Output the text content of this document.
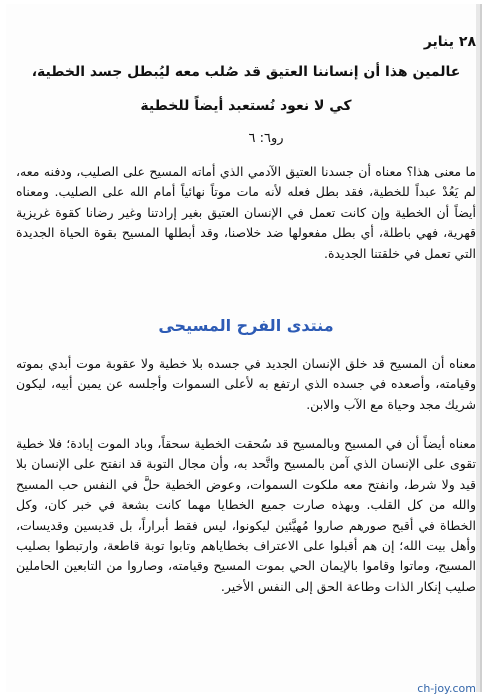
٢٨ يناير
عالمين هذا أن إنساننا العتيق قد صُلب معه ليُبطل جسد الخطية،
كي لا نعود نُستعبد أيضاً للخطية
رو٦: ٦

ما معنى هذا؟ معناه أن جسدنا العتيق الآدمي الذي أماته المسيح على الصليب، ودفنه معه، لم يَعُدْ عبداً للخطية، فقد بطل فعله لأنه مات موتاً نهائياً أمام الله على الصليب. ومعناه أيضاً أن الخطية وإن كانت تعمل في الإنسان العتيق بغير إرادتنا وغير رضانا كقوة غريزية قهرية، فهي باطلة، أي بطل مفعولها ضد خلاصنا، وقد أبطلها المسيح بقوة الحياة الجديدة التي تعمل في خلقتنا الجديدة.

منتدى الفرح المسيحى

معناه أن المسيح قد خلق الإنسان الجديد في جسده بلا خطية ولا عقوبة موت أبدي بموته وقيامته، وأصعده في جسده الذي ارتفع به لأعلى السموات وأجلسه عن يمين أبيه، ليكون شريك مجد وحياة مع الآب والابن.

معناه أيضاً أن في المسيح وبالمسيح قد سُحقت الخطية سحقاً، وباد الموت إبادة؛ فلا خطية تقوى على الإنسان الذي آمن بالمسيح واتَّحد به، وأن مجال التوبة قد انفتح على الإنسان بلا قيد ولا شرط، وانفتح معه ملكوت السموات، وعوض الخطية حلَّ في النفس حب المسيح والله من كل القلب. وبهذه صارت جميع الخطايا مهما كانت بشعة في خبر كان، وكل الخطاة في أقبح صورهم صاروا مُهيَّئين ليكونوا، ليس فقط أبراراً، بل قديسين وقديسات، وأهل بيت الله؛ إن هم أقبلوا على الاعتراف بخطاياهم وتابوا توبة قاطعة، وارتبطوا بصليب المسيح، وماتوا وقاموا بالإيمان الحي بموت المسيح وقيامته، وصاروا من التابعين الحاملين صليب إنكار الذات وطاعة الحق إلى النفس الأخير.

ch-joy.com
